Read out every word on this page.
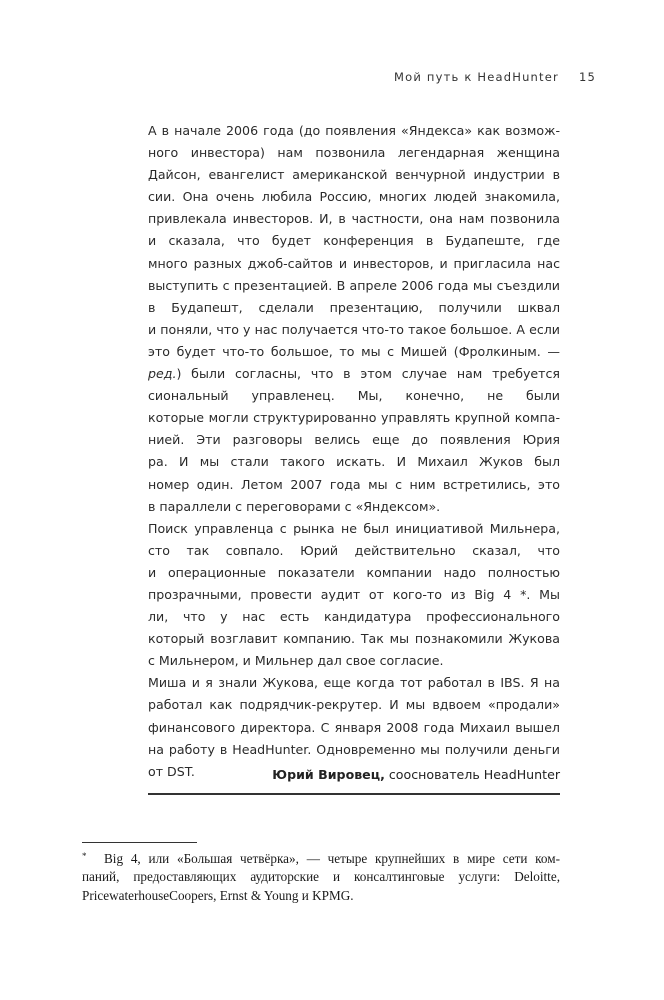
Мой путь к HeadHunter 15
А в начале 2006 года (до появления «Яндекса» как возмож-
ного инвестора) нам позвонила легендарная женщина
Дайсон, евангелист американской венчурной индустрии в
сии. Она очень любила Россию, многих людей знакомила,
привлекала инвесторов. И, в частности, она нам позвонила
и сказала, что будет конференция в Будапеште, где
много разных джоб-сайтов и инвесторов, и пригласила нас
выступить с презентацией. В апреле 2006 года мы съездили
в Будапешт, сделали презентацию, получили шквал
и поняли, что у нас получается что-то такое большое. А если
это будет что-то большое, то мы с Мишей (Фролкиным. —
ред.) были согласны, что в этом случае нам требуется
сиональный управленец. Мы, конечно, не были
которые могли структурированно управлять крупной компа-
нией. Эти разговоры велись еще до появления Юрия
ра. И мы стали такого искать. И Михаил Жуков был
номер один. Летом 2007 года мы с ним встретились, это
в параллели с переговорами с «Яндексом».
Поиск управленца с рынка не был инициативой Мильнера,
сто так совпало. Юрий действительно сказал, что
и операционные показатели компании надо полностью
прозрачными, провести аудит от кого-то из Big 4 *. Мы
ли, что у нас есть кандидатура профессионального
который возглавит компанию. Так мы познакомили Жукова
с Мильнером, и Мильнер дал свое согласие.
Миша и я знали Жукова, еще когда тот работал в IBS. Я на
работал как подрядчик-рекрутер. И мы вдвоем «продали»
финансового директора. С января 2008 года Михаил вышел
на работу в HeadHunter. Одновременно мы получили деньги
от DST.	Юрий Вировец, сооснователь HeadHunter
* Big 4, или «Большая четвёрка», — четыре крупнейших в мире сети ком-
паний, предоставляющих аудиторские и консалтинговые услуги: Deloitte,
PricewaterhouseCoopers, Ernst & Young и KPMG.
